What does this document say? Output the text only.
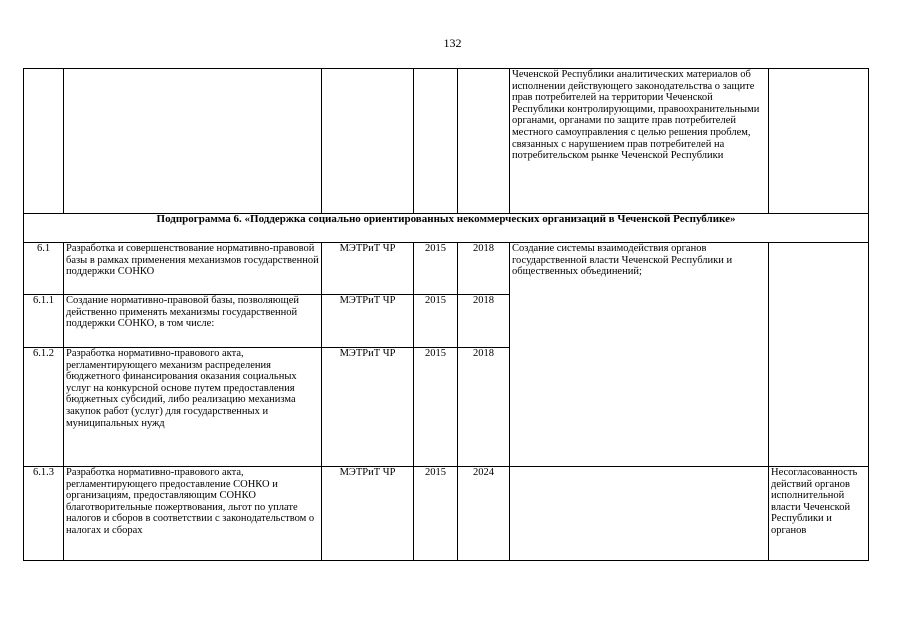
132
					Чеченской Республики аналитических материалов об исполнении действующего законодательства о защите прав потребителей на территории Чеченской Республики контролирующими, правоохранительными органами, органами по защите прав потребителей местного самоуправления с целью решения проблем, связанных с нарушением прав потребителей на потребительском рынке Чеченской Республики	
Подпрограмма 6. «Поддержка социально ориентированных некоммерческих организаций в Чеченской Республике»						
6.1	Разработка и совершенствование нормативно-правовой базы в рамках применения механизмов государственной поддержки СОНКО	МЭТРиТ ЧР	2015	2018	Создание системы взаимодействия органов государственной власти Чеченской Республики и общественных объединений;	
6.1.1	Создание нормативно-правовой базы, позволяющей действенно применять механизмы государственной поддержки СОНКО, в том числе:	МЭТРиТ ЧР	2015	2018		
6.1.2	Разработка нормативно-правового акта, регламентирующего механизм распределения бюджетного финансирования оказания социальных услуг на конкурсной основе путем предоставления бюджетных субсидий, либо реализацию механизма закупок работ (услуг) для государственных и муниципальных нужд	МЭТРиТ ЧР	2015	2018		
6.1.3	Разработка нормативно-правового акта, регламентирующего предоставление СОНКО и организациям, предоставляющим СОНКО благотворительные пожертвования, льгот по уплате налогов и сборов в соответствии с законодательством о налогах и сборах	МЭТРиТ ЧР	2015	2024		Несогласованность действий органов исполнительной власти Чеченской Республики и органов
